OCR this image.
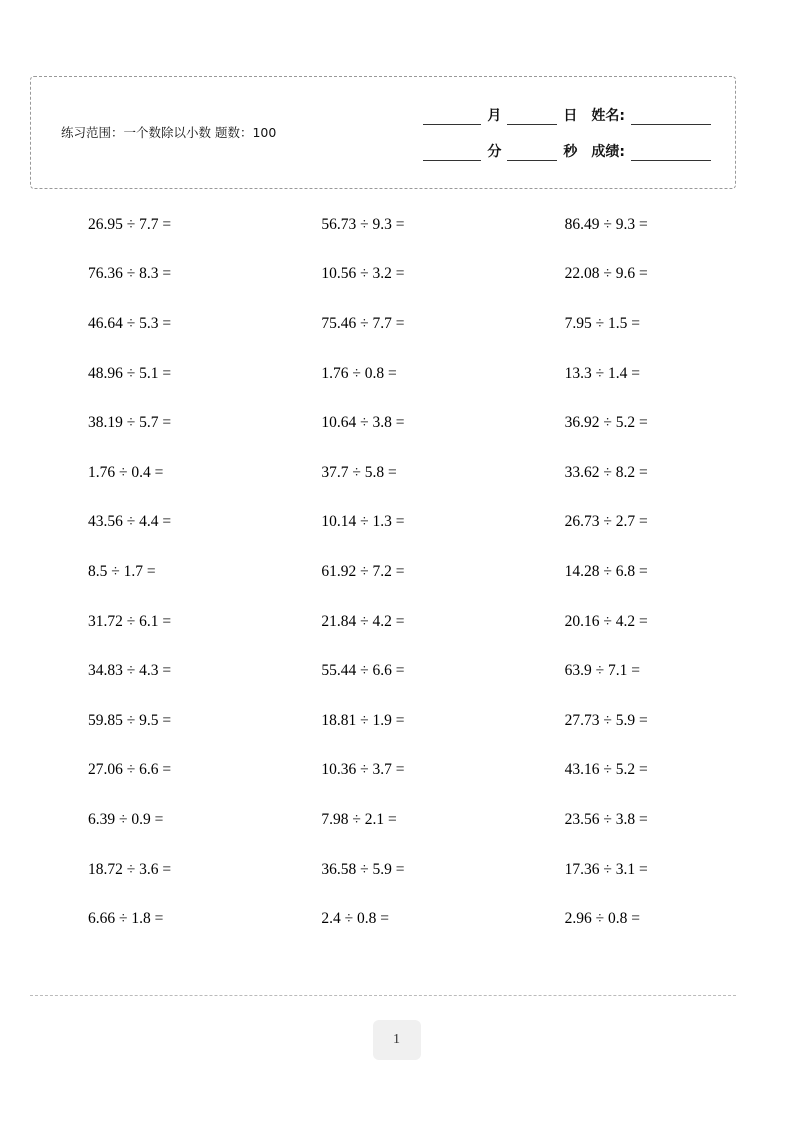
练习范围：一个数除以小数 题数：100
月	日 姓名:
分	秒 成绩:
26.95 ÷ 7.7 =	56.73 ÷ 9.3 =	86.49 ÷ 9.3 =
76.36 ÷ 8.3 =	10.56 ÷ 3.2 =	22.08 ÷ 9.6 =
46.64 ÷ 5.3 =	75.46 ÷ 7.7 =	7.95 ÷ 1.5 =
48.96 ÷ 5.1 =	1.76 ÷ 0.8 =	13.3 ÷ 1.4 =
38.19 ÷ 5.7 =	10.64 ÷ 3.8 =	36.92 ÷ 5.2 =
1.76 ÷ 0.4 =	37.7 ÷ 5.8 =	33.62 ÷ 8.2 =
43.56 ÷ 4.4 =	10.14 ÷ 1.3 =	26.73 ÷ 2.7 =
8.5 ÷ 1.7 =	61.92 ÷ 7.2 =	14.28 ÷ 6.8 =
31.72 ÷ 6.1 =	21.84 ÷ 4.2 =	20.16 ÷ 4.2 =
34.83 ÷ 4.3 =	55.44 ÷ 6.6 =	63.9 ÷ 7.1 =
59.85 ÷ 9.5 =	18.81 ÷ 1.9 =	27.73 ÷ 5.9 =
27.06 ÷ 6.6 =	10.36 ÷ 3.7 =	43.16 ÷ 5.2 =
6.39 ÷ 0.9 =	7.98 ÷ 2.1 =	23.56 ÷ 3.8 =
18.72 ÷ 3.6 =	36.58 ÷ 5.9 =	17.36 ÷ 3.1 =
6.66 ÷ 1.8 =	2.4 ÷ 0.8 =	2.96 ÷ 0.8 =
1
